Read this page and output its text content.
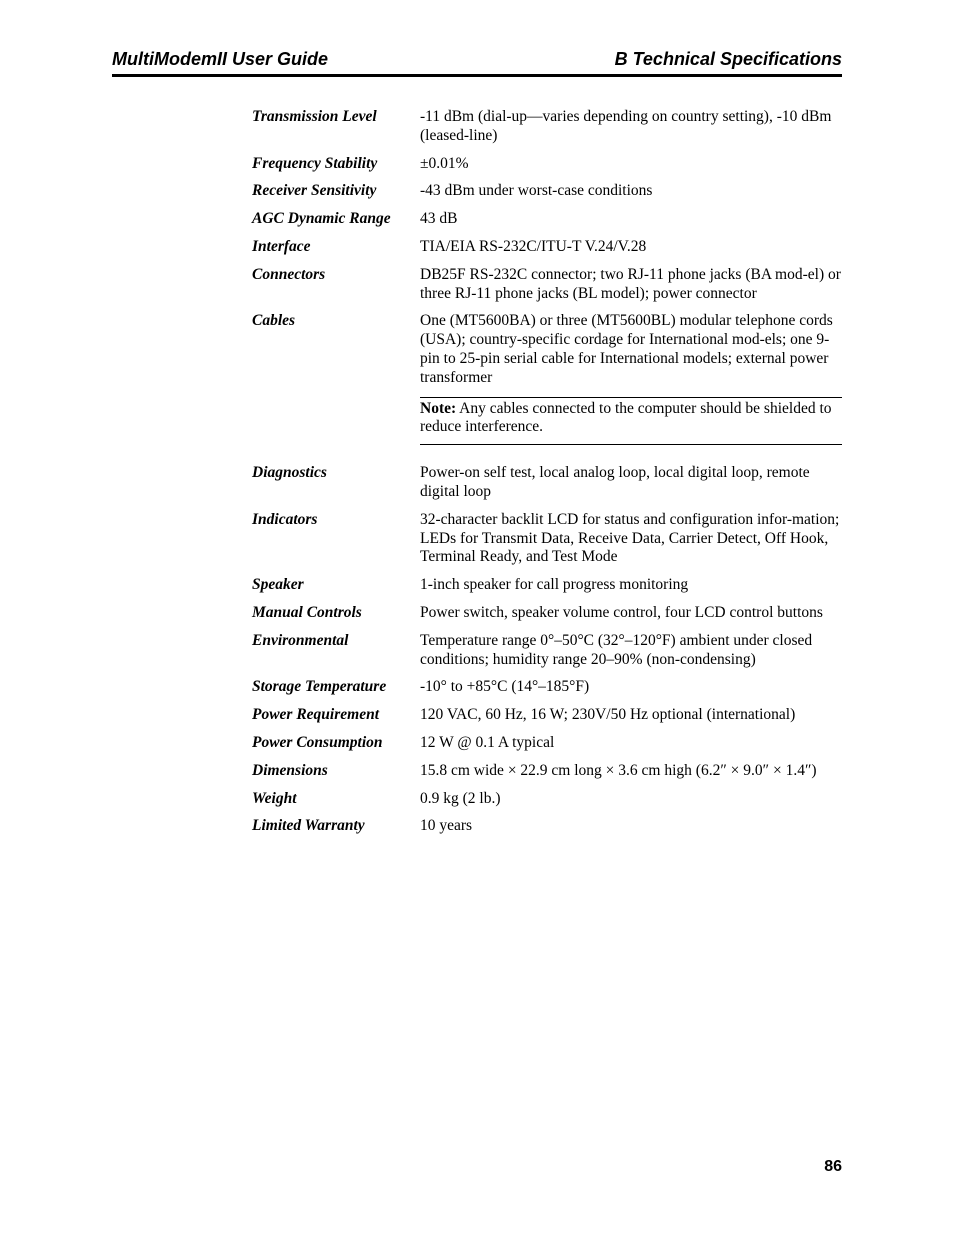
MultiModemII User Guide	B Technical Specifications
Transmission Level	-11 dBm (dial-up—varies depending on country setting), -10 dBm (leased-line)
Frequency Stability	±0.01%
Receiver Sensitivity	-43 dBm under worst-case conditions
AGC Dynamic Range	43 dB
Interface	TIA/EIA RS-232C/ITU-T V.24/V.28
Connectors	DB25F RS-232C connector; two RJ-11 phone jacks (BA mod-el) or three RJ-11 phone jacks (BL model); power connector
Cables	One (MT5600BA) or three (MT5600BL) modular telephone cords (USA); country-specific cordage for International mod-els; one 9-pin to 25-pin serial cable for International models; external power transformer
Note: Any cables connected to the computer should be shielded to reduce interference.
Diagnostics	Power-on self test, local analog loop, local digital loop, remote digital loop
Indicators	32-character backlit LCD for status and configuration infor-mation; LEDs for Transmit Data, Receive Data, Carrier Detect, Off Hook, Terminal Ready, and Test Mode
Speaker	1-inch speaker for call progress monitoring
Manual Controls	Power switch, speaker volume control, four LCD control buttons
Environmental	Temperature range 0°–50°C (32°–120°F) ambient under closed conditions; humidity range 20–90% (non-condensing)
Storage Temperature	-10° to +85°C (14°–185°F)
Power Requirement	120 VAC, 60 Hz, 16 W; 230V/50 Hz optional (international)
Power Consumption	12 W @ 0.1 A typical
Dimensions	15.8 cm wide × 22.9 cm long × 3.6 cm high (6.2″ × 9.0″ × 1.4″)
Weight	0.9 kg (2 lb.)
Limited Warranty	10 years
86
